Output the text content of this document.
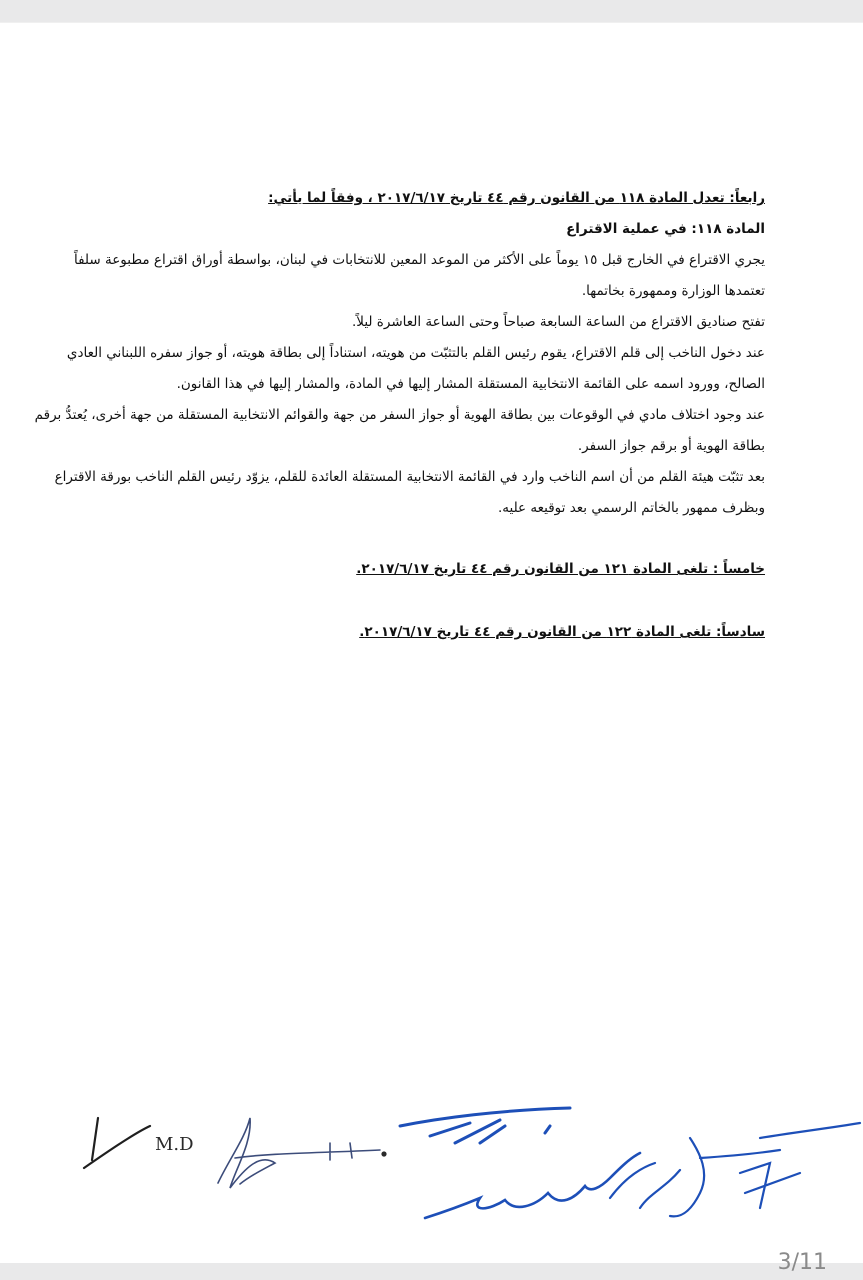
رابعاً: تعدل المادة ١١٨ من القانون رقم ٤٤ تاريخ ٢٠١٧/٦/١٧ ، وفقاً لما يأتي:

المادة ١١٨: في عملية الاقتراع

يجري الاقتراع في الخارج قبل ١٥ يوماً على الأكثر من الموعد المعين للانتخابات في لبنان، بواسطة أوراق اقتراع مطبوعة سلفاً تعتمدها الوزارة وممهورة بخاتمها.

تفتح صناديق الاقتراع من الساعة السابعة صباحاً وحتى الساعة العاشرة ليلاً.

عند دخول الناخب إلى قلم الاقتراع، يقوم رئيس القلم بالتثبّت من هويته، استناداً إلى بطاقة هويته، أو جواز سفره اللبناني العادي الصالح، وورود اسمه على القائمة الانتخابية المستقلة المشار إليها في المادة، والمشار إليها في هذا القانون.

عند وجود اختلاف مادي في الوقوعات بين بطاقة الهوية أو جواز السفر من جهة والقوائم الانتخابية المستقلة من جهة أخرى، يُعتدُّ برقم بطاقة الهوية أو برقم جواز السفر.

بعد تثبّت هيئة القلم من أن اسم الناخب وارد في القائمة الانتخابية المستقلة العائدة للقلم، يزوّد رئيس القلم الناخب بورقة الاقتراع وبظرف ممهور بالخاتم الرسمي بعد توقيعه عليه.

خامساً : تلغى المادة ١٢١ من القانون رقم ٤٤ تاريخ ٢٠١٧/٦/١٧.

سادساً: تلغى المادة ١٢٢ من القانون رقم ٤٤ تاريخ ٢٠١٧/٦/١٧.

M.D
3/11
